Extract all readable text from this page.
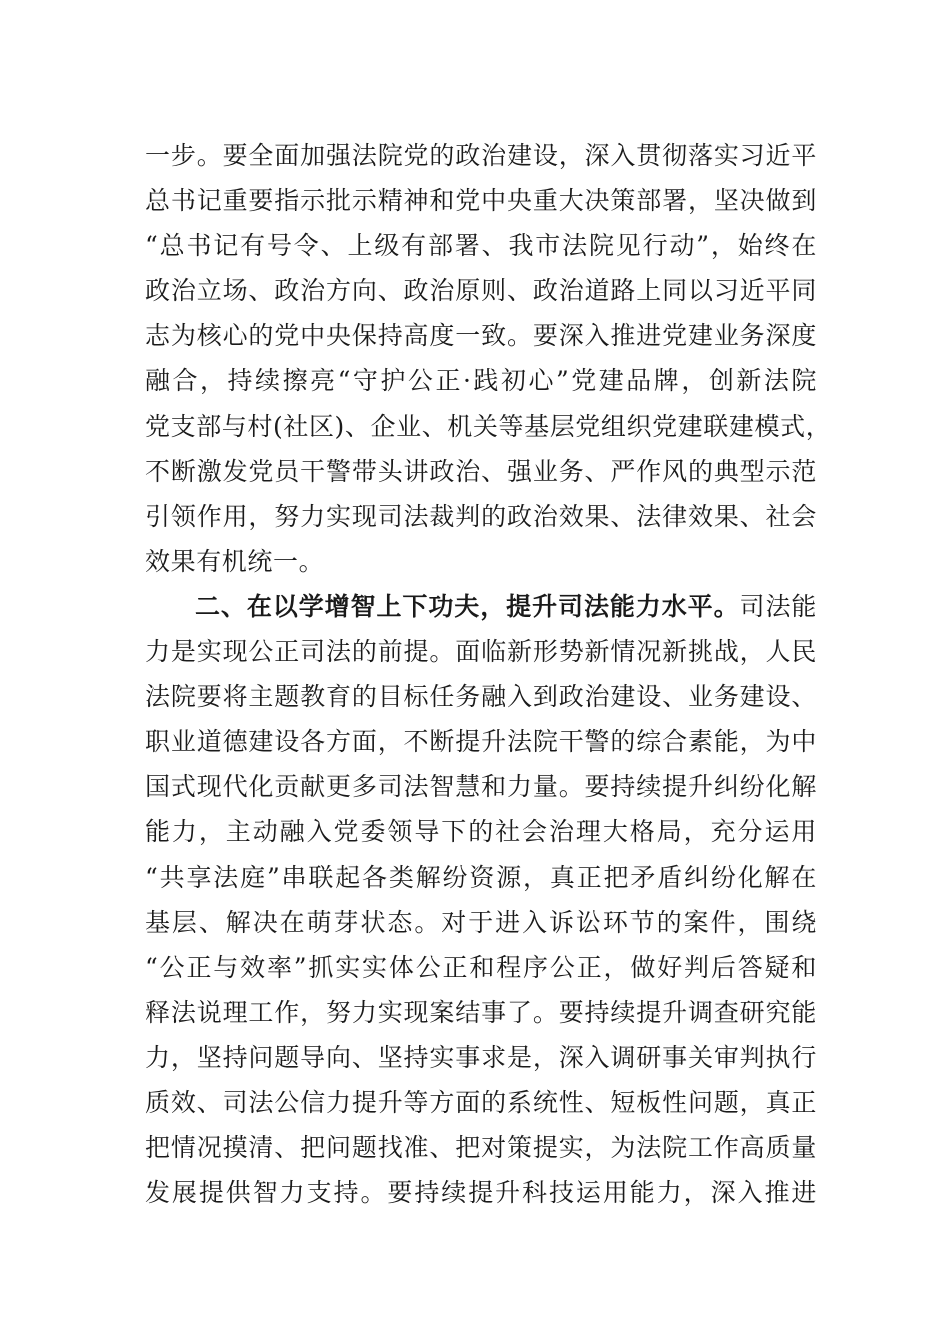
一步。要全面加强法院党的政治建设，深入贯彻落实习近平
总书记重要指示批示精神和党中央重大决策部署，坚决做到
“总书记有号令、上级有部署、我市法院见行动”，始终在
政治立场、政治方向、政治原则、政治道路上同以习近平同
志为核心的党中央保持高度一致。要深入推进党建业务深度
融合，持续擦亮“守护公正·践初心”党建品牌，创新法院
党支部与村(社区)、企业、机关等基层党组织党建联建模式，
不断激发党员干警带头讲政治、强业务、严作风的典型示范
引领作用，努力实现司法裁判的政治效果、法律效果、社会
效果有机统一。
二、在以学增智上下功夫，提升司法能力水平。司法能
力是实现公正司法的前提。面临新形势新情况新挑战，人民
法院要将主题教育的目标任务融入到政治建设、业务建设、
职业道德建设各方面，不断提升法院干警的综合素能，为中
国式现代化贡献更多司法智慧和力量。要持续提升纠纷化解
能力，主动融入党委领导下的社会治理大格局，充分运用
“共享法庭”串联起各类解纷资源，真正把矛盾纠纷化解在
基层、解决在萌芽状态。对于进入诉讼环节的案件，围绕
“公正与效率”抓实实体公正和程序公正，做好判后答疑和
释法说理工作，努力实现案结事了。要持续提升调查研究能
力，坚持问题导向、坚持实事求是，深入调研事关审判执行
质效、司法公信力提升等方面的系统性、短板性问题，真正
把情况摸清、把问题找准、把对策提实，为法院工作高质量
发展提供智力支持。要持续提升科技运用能力，深入推进
